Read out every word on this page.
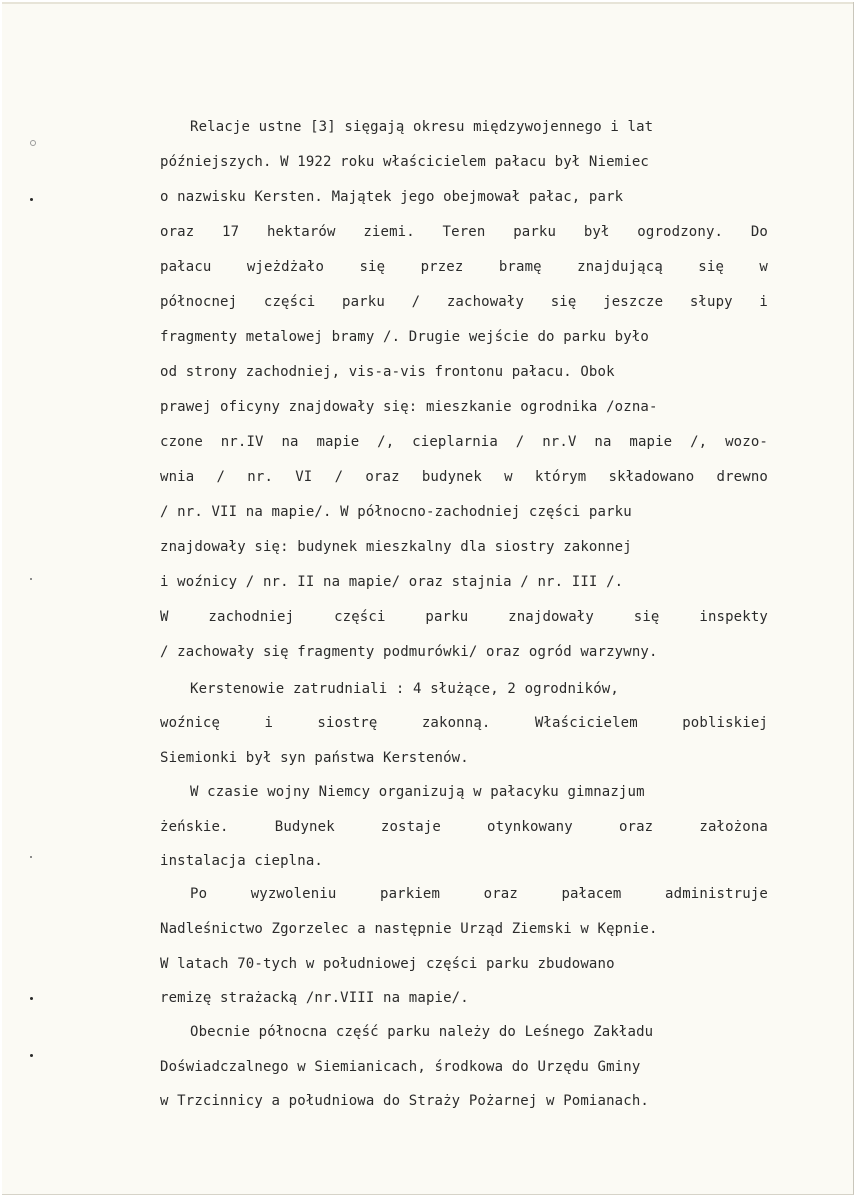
Relacje ustne [3] sięgają okresu międzywojennego i lat
późniejszych. W 1922 roku właścicielem pałacu był Niemiec
o nazwisku Kersten. Majątek jego obejmował pałac, park
oraz 17 hektarów ziemi. Teren parku był ogrodzony. Do
pałacu wjeżdżało się przez bramę znajdującą się w
północnej części parku / zachowały się jeszcze słupy i
fragmenty metalowej bramy /. Drugie wejście do parku było
od strony zachodniej, vis-a-vis frontonu pałacu. Obok
prawej oficyny znajdowały się: mieszkanie ogrodnika /ozna-
czone nr.IV na mapie /, cieplarnia / nr.V na mapie /, wozo-
wnia / nr. VI / oraz budynek w którym składowano drewno
/ nr. VII na mapie/. W północno-zachodniej części parku
znajdowały się: budynek mieszkalny dla siostry zakonnej
i woźnicy / nr. II na mapie/ oraz stajnia / nr. III /.
W zachodniej części parku znajdowały się inspekty
/ zachowały się fragmenty podmurówki/ oraz ogród warzywny.
Kerstenowie zatrudniali : 4 służące, 2 ogrodników,
woźnicę i siostrę zakonną. Właścicielem pobliskiej
Siemionki był syn państwa Kerstenów.
W czasie wojny Niemcy organizują w pałacyku gimnazjum
żeńskie. Budynek zostaje otynkowany oraz założona
instalacja cieplna.
Po wyzwoleniu parkiem oraz pałacem administruje
Nadleśnictwo Zgorzelec a następnie Urząd Ziemski w Kępnie.
W latach 70-tych w południowej części parku zbudowano
remizę strażacką /nr.VIII na mapie/.
Obecnie północna część parku należy do Leśnego Zakładu
Doświadczalnego w Siemianicach, środkowa do Urzędu Gminy
w Trzcinnicy a południowa do Straży Pożarnej w Pomianach.
